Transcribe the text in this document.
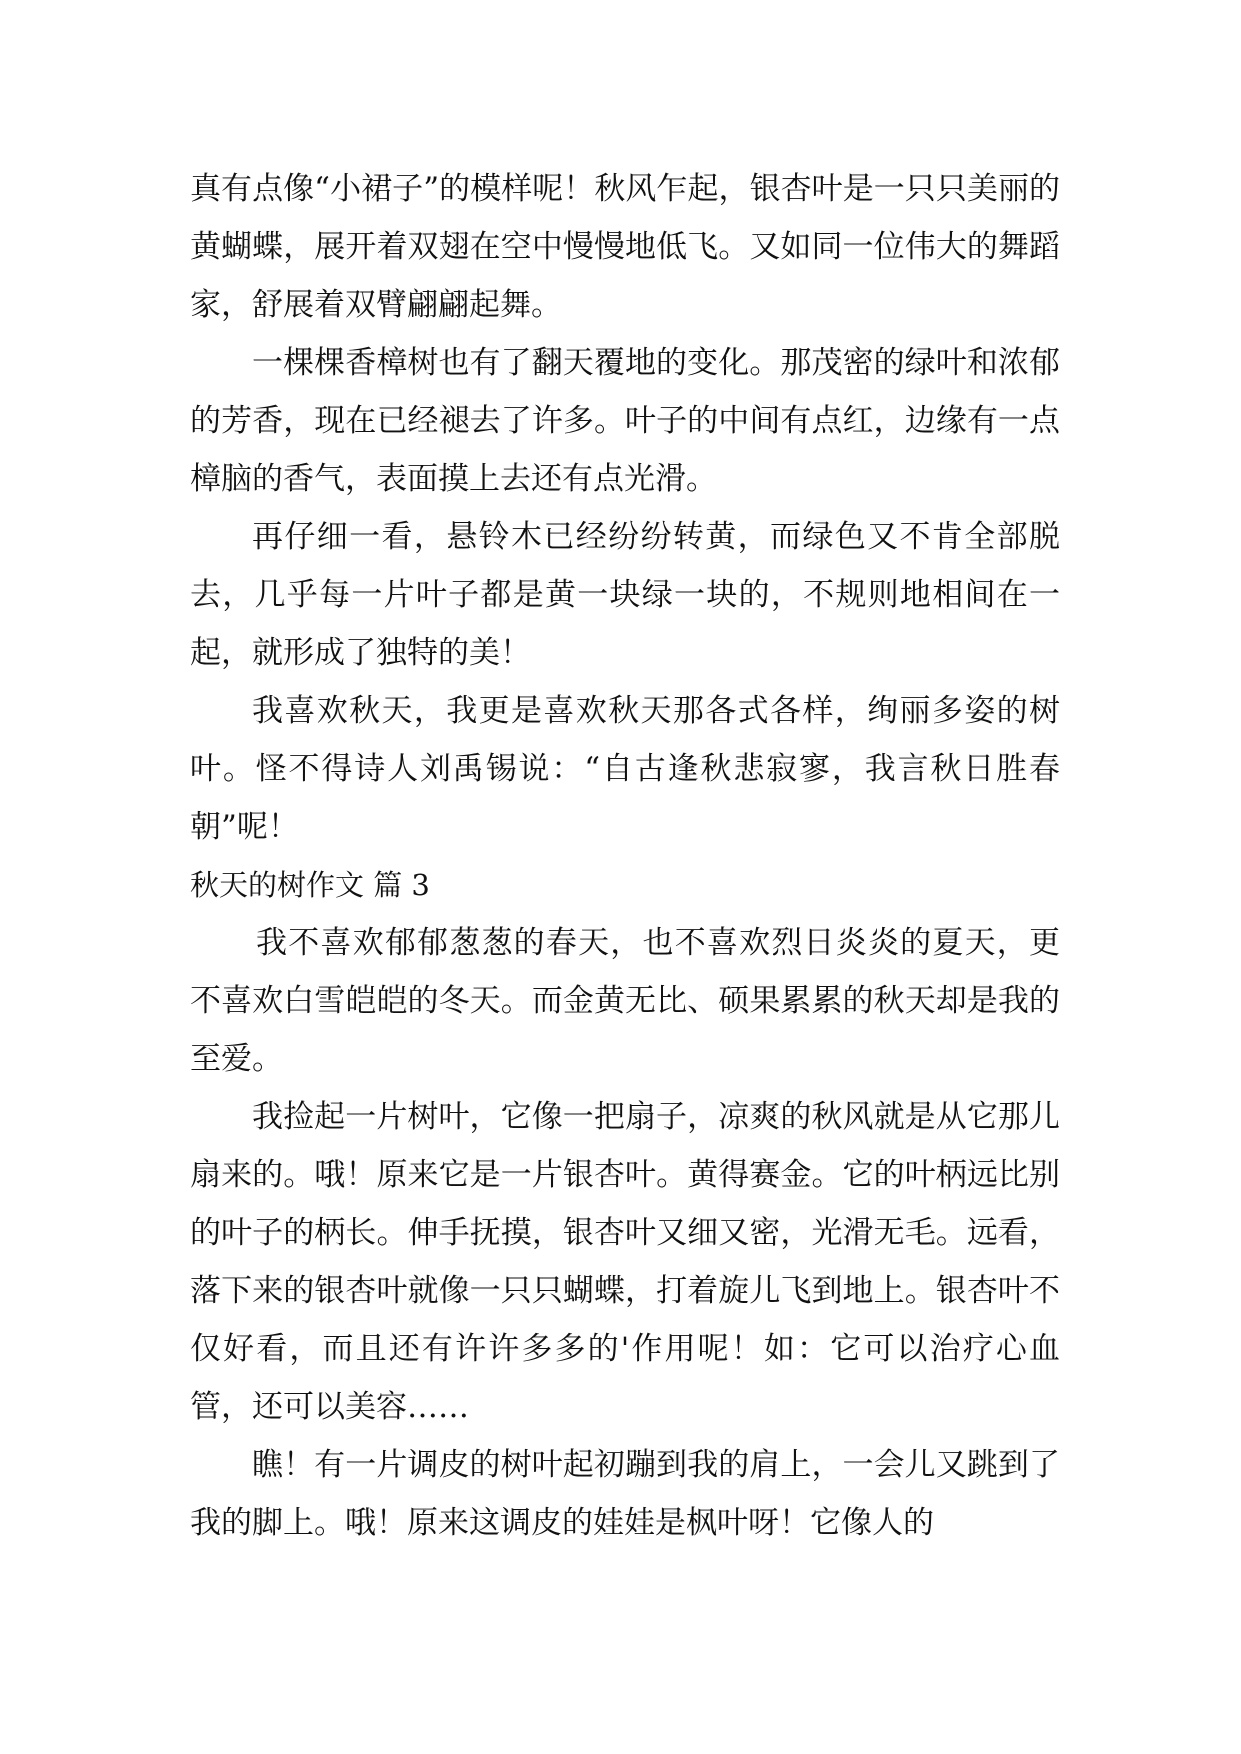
真有点像“小裙子”的模样呢！秋风乍起，银杏叶是一只只美丽的黄蝴蝶，展开着双翅在空中慢慢地低飞。又如同一位伟大的舞蹈家，舒展着双臂翩翩起舞。

一棵棵香樟树也有了翻天覆地的变化。那茂密的绿叶和浓郁的芳香，现在已经褪去了许多。叶子的中间有点红，边缘有一点樟脑的香气，表面摸上去还有点光滑。

再仔细一看，悬铃木已经纷纷转黄，而绿色又不肯全部脱去，几乎每一片叶子都是黄一块绿一块的，不规则地相间在一起，就形成了独特的美！

我喜欢秋天，我更是喜欢秋天那各式各样，绚丽多姿的树叶。怪不得诗人刘禹锡说：“自古逢秋悲寂寥，我言秋日胜春朝”呢！

秋天的树作文 篇 3

我不喜欢郁郁葱葱的春天，也不喜欢烈日炎炎的夏天，更不喜欢白雪皑皑的冬天。而金黄无比、硕果累累的秋天却是我的至爱。

我捡起一片树叶，它像一把扇子，凉爽的秋风就是从它那儿扇来的。哦！原来它是一片银杏叶。黄得赛金。它的叶柄远比别的叶子的柄长。伸手抚摸，银杏叶又细又密，光滑无毛。远看，落下来的银杏叶就像一只只蝴蝶，打着旋儿飞到地上。银杏叶不仅好看，而且还有许许多多的'作用呢！如：它可以治疗心血管，还可以美容……

瞧！有一片调皮的树叶起初蹦到我的肩上，一会儿又跳到了我的脚上。哦！原来这调皮的娃娃是枫叶呀！它像人的
